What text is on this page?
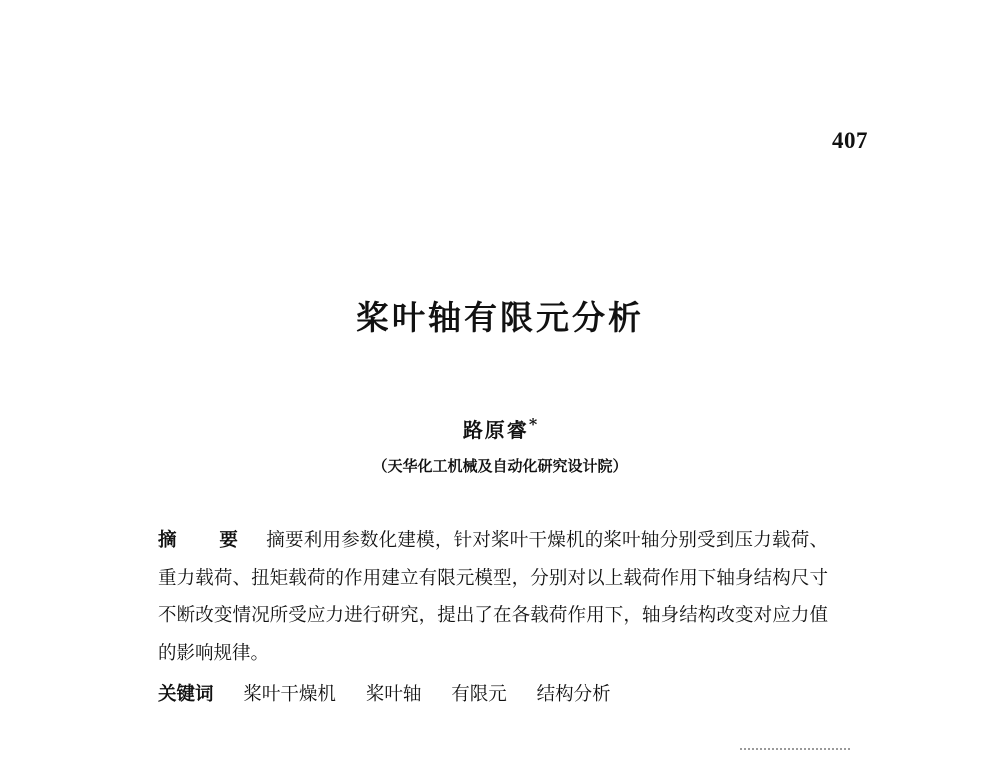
407
桨叶轴有限元分析
路原睿*
（天华化工机械及自动化研究设计院）
摘 要 摘要利用参数化建模，针对桨叶干燥机的桨叶轴分别受到压力载荷、重力载荷、扭矩载荷的作用建立有限元模型，分别对以上载荷作用下轴身结构尺寸不断改变情况所受应力进行研究，提出了在各载荷作用下，轴身结构改变对应力值的影响规律。
关键词 桨叶干燥机 桨叶轴 有限元 结构分析
